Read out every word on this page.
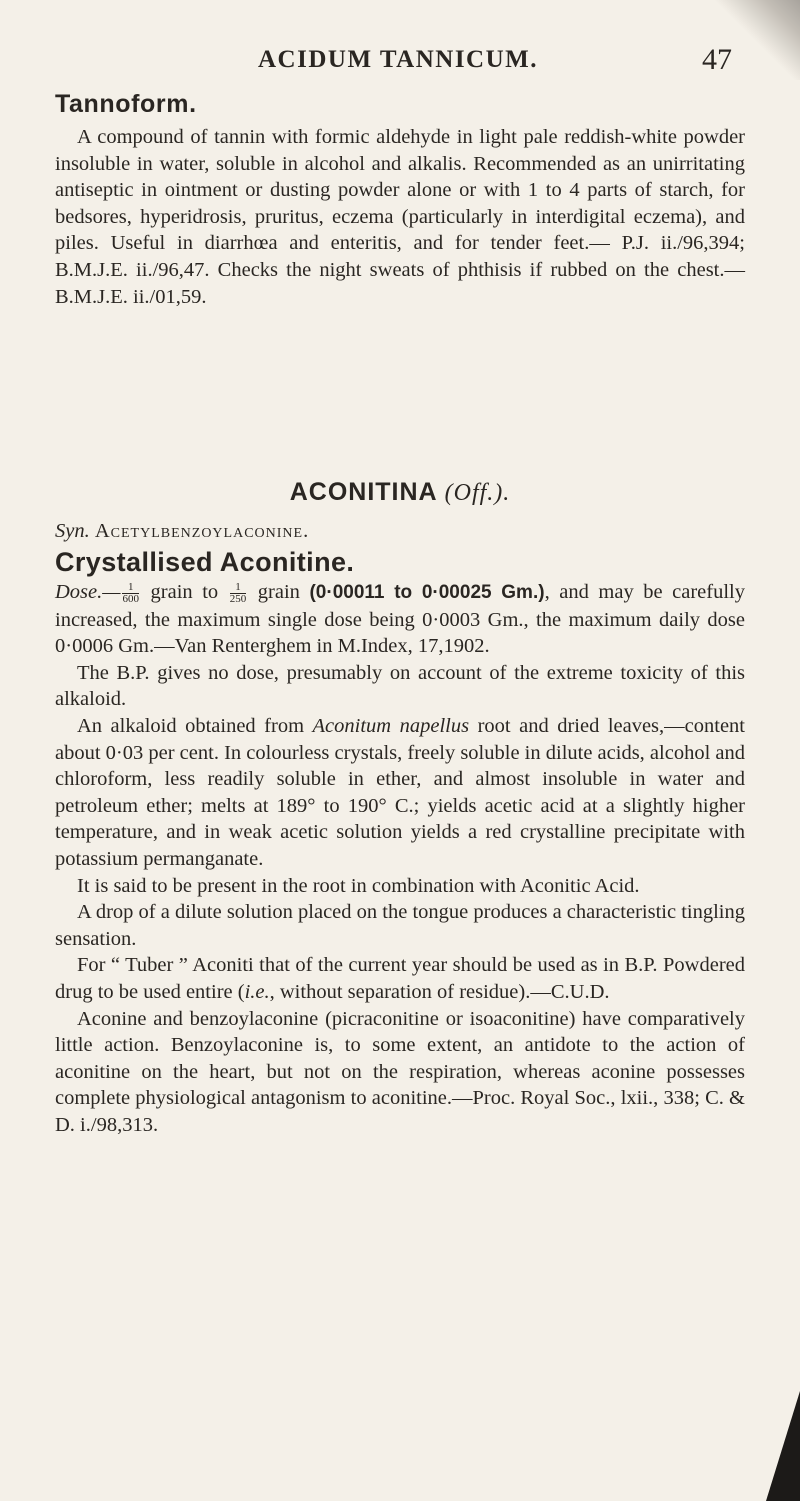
ACIDUM TANNICUM.	47
Tannoform.

A compound of tannin with formic aldehyde in light pale reddish-white powder insoluble in water, soluble in alcohol and alkalis. Recommended as an unirritating antiseptic in ointment or dusting powder alone or with 1 to 4 parts of starch, for bedsores, hyperidrosis, pruritus, eczema (particularly in interdigital eczema), and piles. Useful in diarrhœa and enteritis, and for tender feet.— P.J. ii./96,394; B.M.J.E. ii./96,47. Checks the night sweats of phthisis if rubbed on the chest.—B.M.J.E. ii./01,59.

ACONITINA (Off.).
Syn. Acetylbenzoylaconine.
Crystallised Aconitine.

Dose.— $\frac{1}{600}$ grain to $\frac{1}{250}$ grain (0·00011 to 0·00025 Gm.), and may be carefully increased, the maximum single dose being 0·0003 Gm., the maximum daily dose 0·0006 Gm.—Van Renterghem in M.Index, 17,1902.

The B.P. gives no dose, presumably on account of the extreme toxicity of this alkaloid.

An alkaloid obtained from Aconitum napellus root and dried leaves,—content about 0·03 per cent. In colourless crystals, freely soluble in dilute acids, alcohol and chloroform, less readily soluble in ether, and almost insoluble in water and petroleum ether; melts at 189° to 190° C.; yields acetic acid at a slightly higher temperature, and in weak acetic solution yields a red crystalline precipitate with potassium permanganate.

It is said to be present in the root in combination with Aconitic Acid.

A drop of a dilute solution placed on the tongue produces a characteristic tingling sensation.

For “ Tuber ” Aconiti that of the current year should be used as in B.P. Powdered drug to be used entire (i.e., without separation of residue).—C.U.D.

Aconine and benzoylaconine (picraconitine or isoaconitine) have comparatively little action. Benzoylaconine is, to some extent, an antidote to the action of aconitine on the heart, but not on the respiration, whereas aconine possesses complete physiological antagonism to aconitine.—Proc. Royal Soc., lxii., 338; C. & D. i./98,313.
